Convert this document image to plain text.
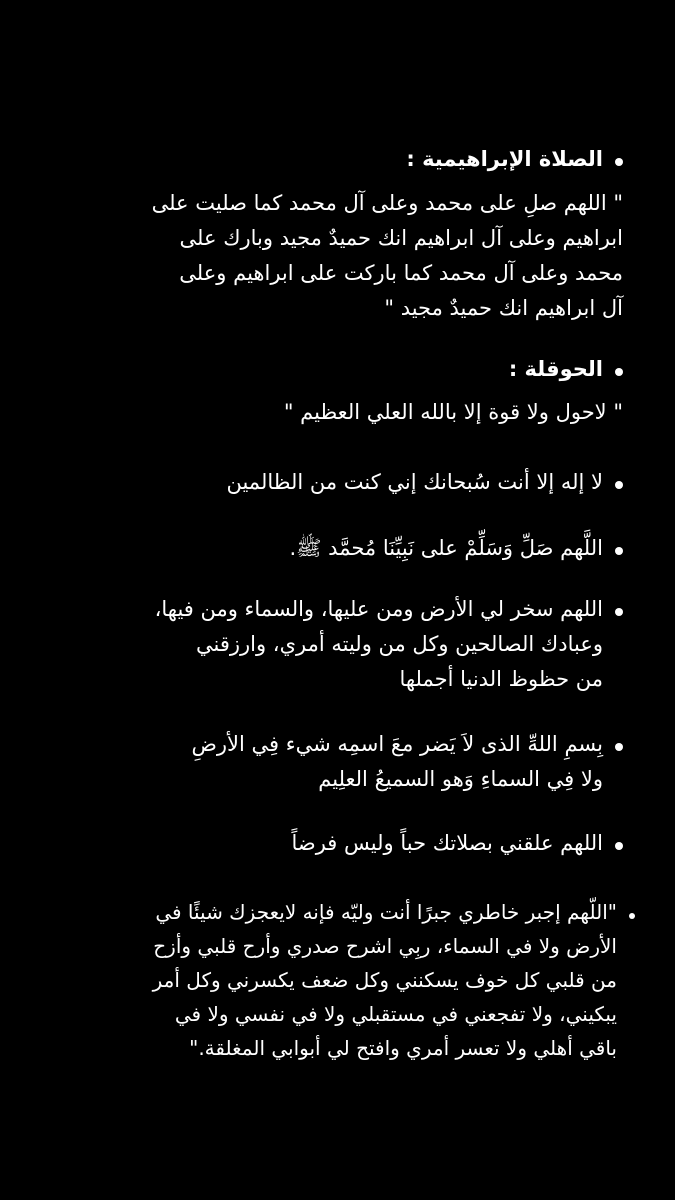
الصلاة الإبراهيمية :
" اللهم صلِ على محمد وعلى آل محمد كما صليت على
ابراهيم وعلى آل ابراهيم انك حميدٌ مجيد وبارك على
محمد وعلى آل محمد كما باركت على ابراهيم وعلى
آل ابراهيم انك حميدٌ مجيد "
الحوقلة :
" لاحول ولا قوة إلا بالله العلي العظيم "
لا إله إلا أنت سُبحانك إني كنت من الظالمين
اللَّهم صَلِّ وَسَلِّمْ على نَبِيِّنَا مُحمَّد ﷺ.
اللهم سخر لي الأرض ومن عليها، والسماء ومن فيها،
وعبادك الصالحين وكل من وليته أمري، وارزقني
من حظوظ الدنيا أجملها
بِسمِ اللهِّ الذى لاَ يَضر معَ اسمِه شيء فِي الأرضِ
ولا فِي السماءِ وَهو السميعُ العلِيم
اللهم علقني بصلاتك حباً وليس فرضاً
"اللّهم إجبر خاطري جبرًا أنت وليّه فإنه لايعجزك شيئًا في
الأرض ولا في السماء، ربِي اشرح صدري وأرح قلبي وأزح
من قلبي كل خوف يسكنني وكل ضعف يكسرني وكل أمر
يبكيني، ولا تفجعني في مستقبلي ولا في نفسي ولا في
باقي أهلي ولا تعسر أمري وافتح لي أبوابي المغلقة."
